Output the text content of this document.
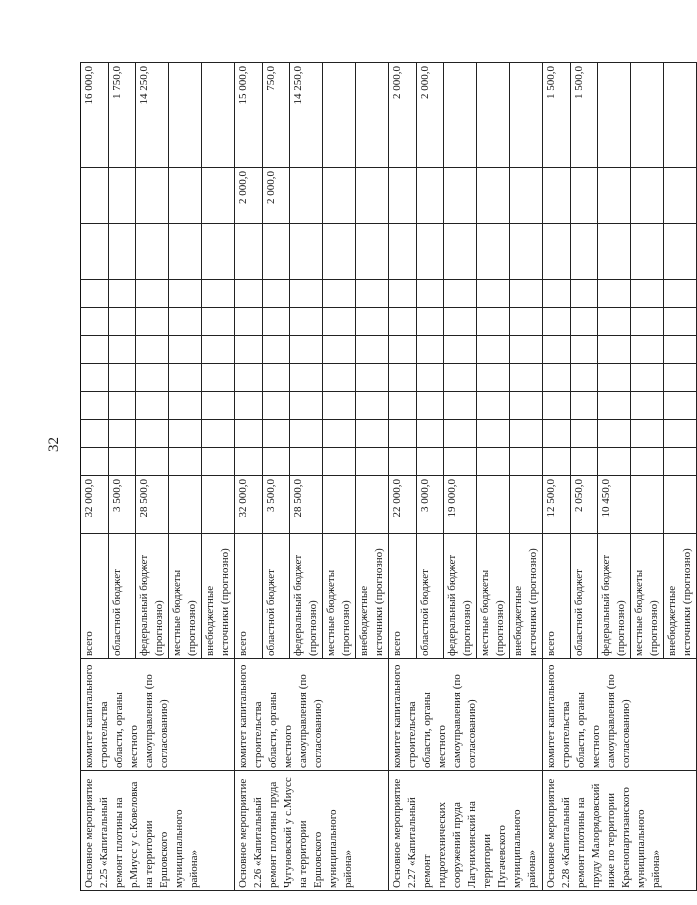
32
Основное мероприятие 2.25 «Капитальный ремонт плотины на р.Миусс у с.Ковеловка на территории Ершовского муниципального района»	комитет капитального строительства области, органы местного самоуправления (по согласованию)	всего	32 000,0										16 000,0		
		областной бюджет	3 500,0										1 750,0		
		федеральный бюджет (прогнозно)	28 500,0										14 250,0		
		местные бюджеты (прогнозно)													
		внебюджетные источники (прогнозно)													
Основное мероприятие 2.26 «Капитальный ремонт плотины пруда Чугуновский у с.Миусс на территории Ершовского муниципального района»	комитет капитального строительства области, органы местного самоуправления (по согласованию)	всего	32 000,0									2 000,0	15 000,0		
		областной бюджет	3 500,0									2 000,0	750,0		
		федеральный бюджет (прогнозно)	28 500,0										14 250,0		
		местные бюджеты (прогнозно)													
		внебюджетные источники (прогнозно)													
Основное мероприятие 2.27 «Капитальный ремонт гидротехнических сооружений пруда Лагунихинский на территории Пугачевского муниципального района»	комитет капитального строительства области, органы местного самоуправления (по согласованию)	всего	22 000,0										2 000,0		
		областной бюджет	3 000,0										2 000,0		
		федеральный бюджет (прогнозно)	19 000,0												
		местные бюджеты (прогнозно)													
		внебюджетные источники (прогнозно)													
Основное мероприятие 2.28 «Капитальный ремонт плотины на пруду Малорядовский ниже по территории Краснопартизанского муниципального района»	комитет капитального строительства области, органы местного самоуправления (по согласованию)	всего	12 500,0										1 500,0		
		областной бюджет	2 050,0										1 500,0		
		федеральный бюджет (прогнозно)	10 450,0												
		местные бюджеты (прогнозно)													
		внебюджетные источники (прогнозно)													
